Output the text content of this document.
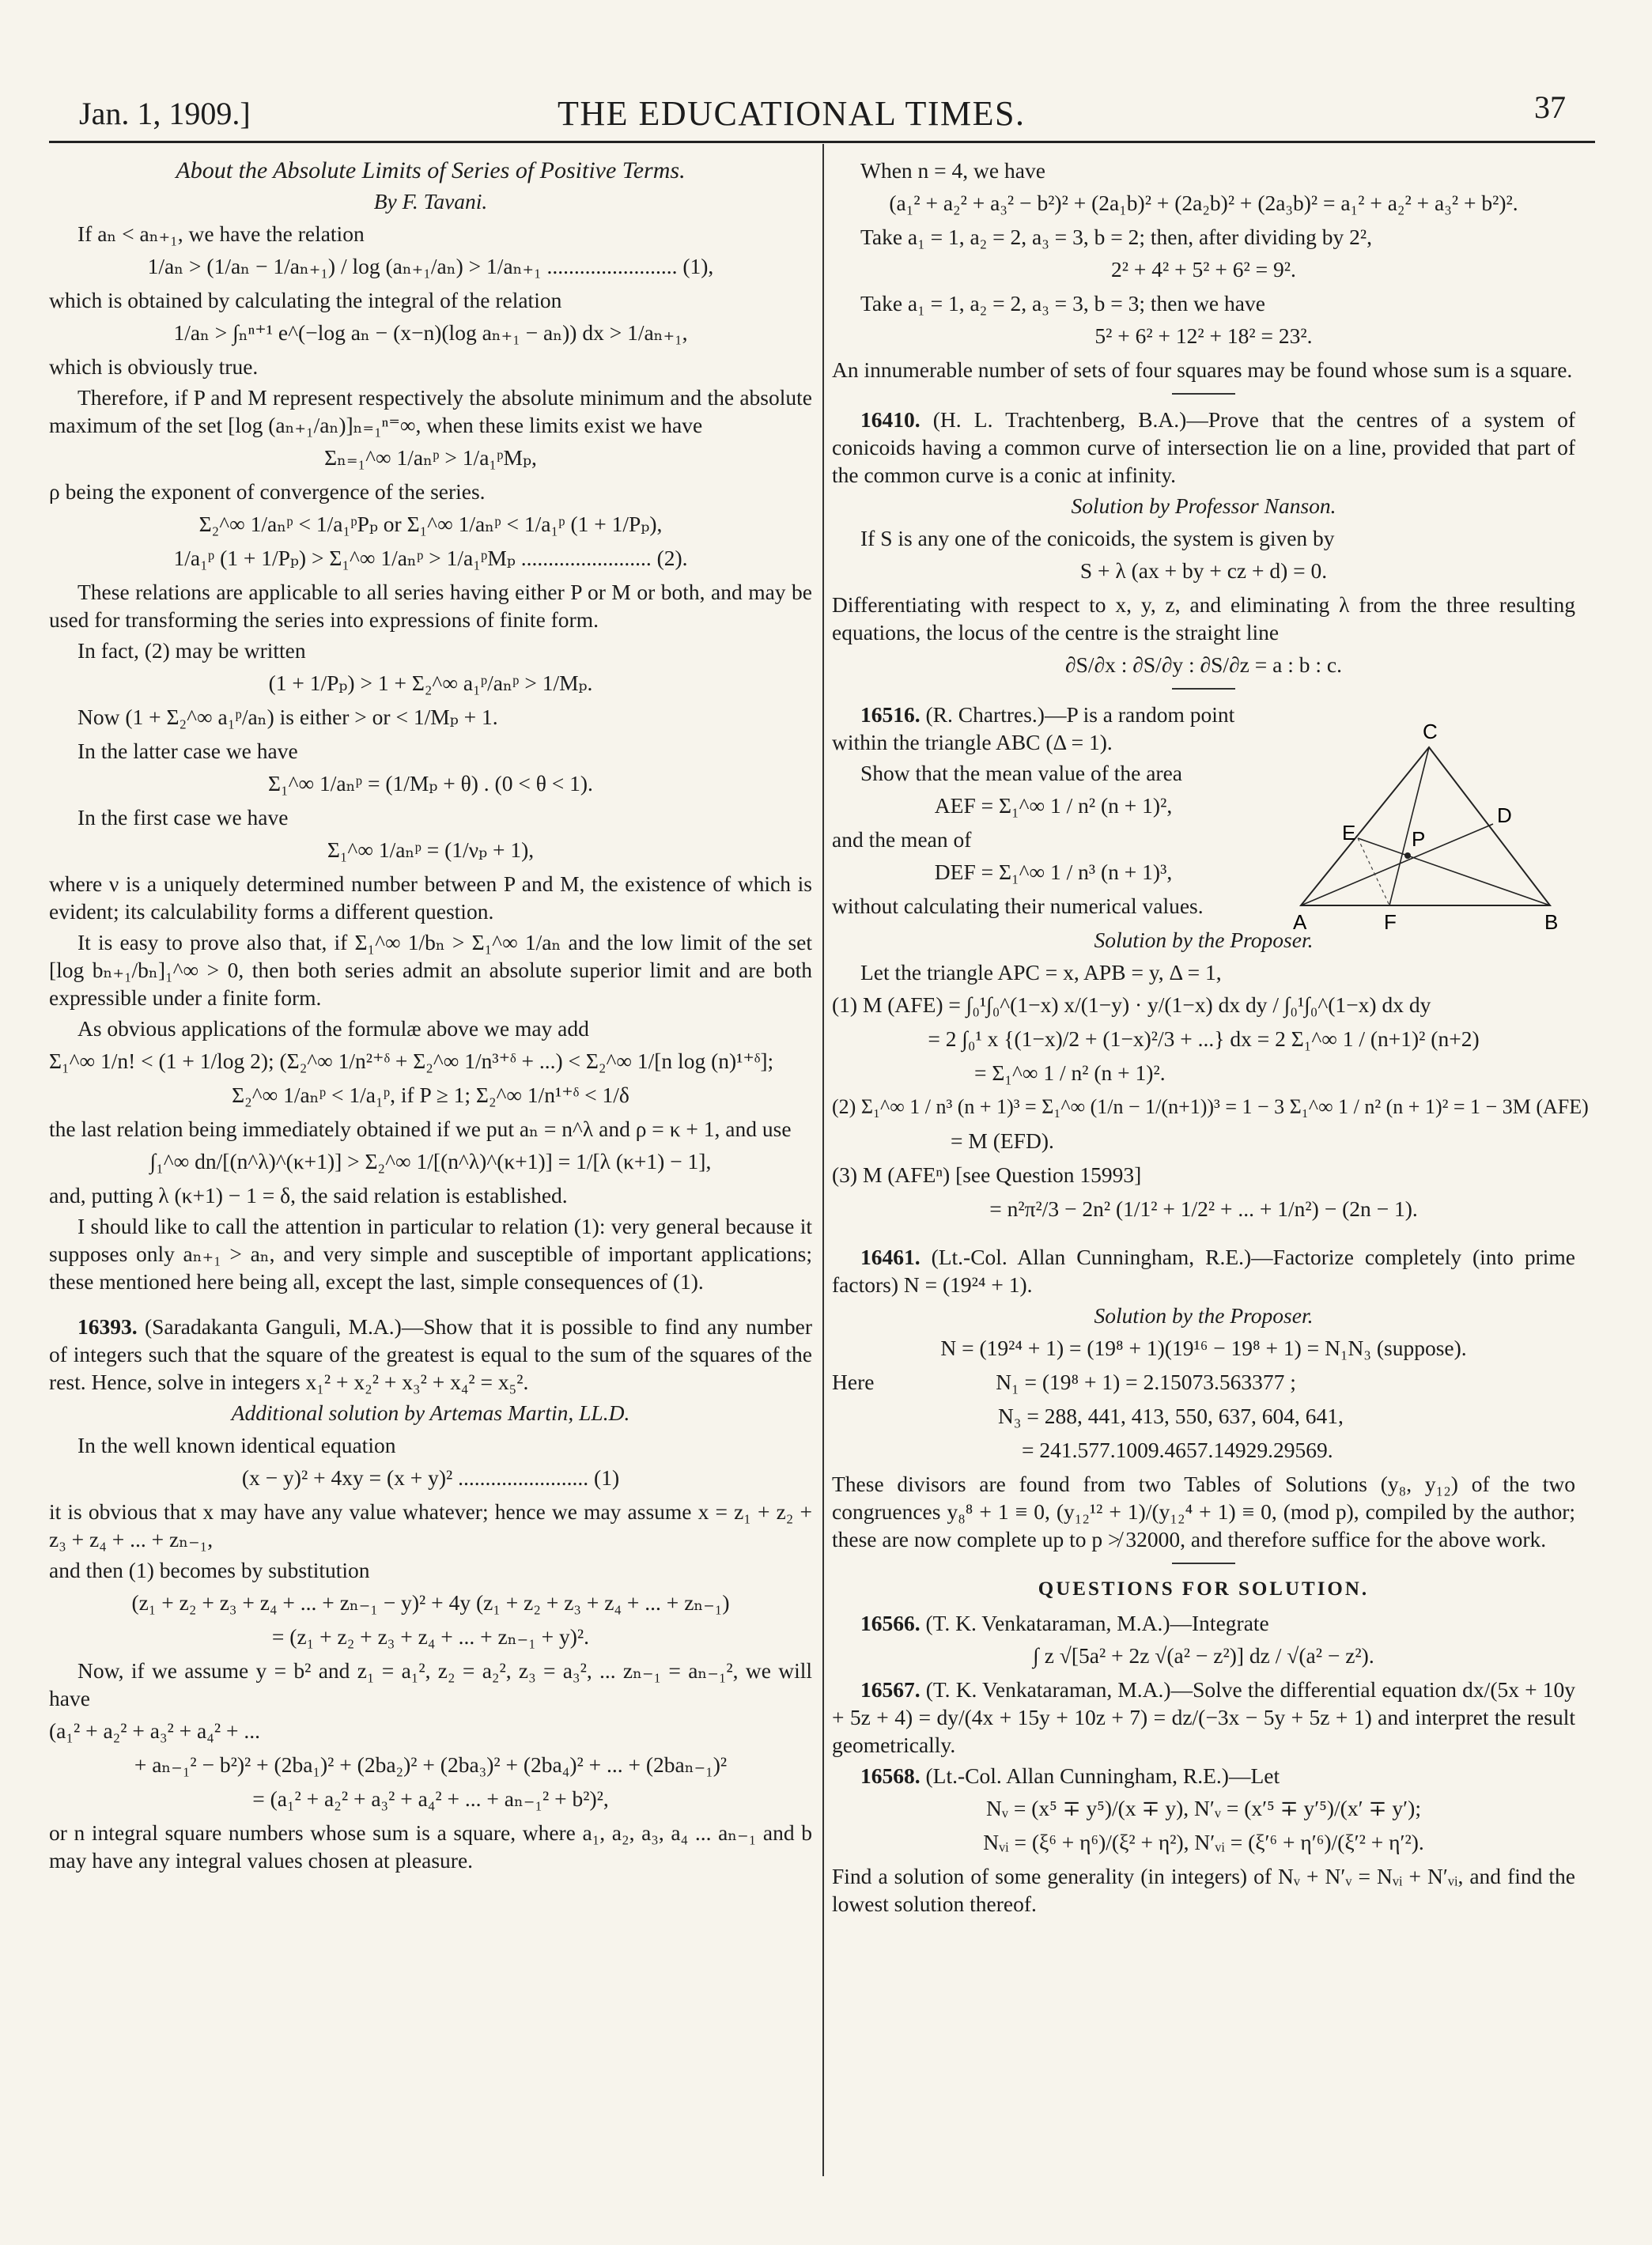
Jan. 1, 1909.]	THE EDUCATIONAL TIMES.	37
About the Absolute Limits of Series of Positive Terms.
By F. Tavani.

If aₙ < aₙ₊₁, we have the relation

1/aₙ > (1/aₙ − 1/aₙ₊₁) / log (aₙ₊₁/aₙ) > 1/aₙ₊₁ ........................ (1),

which is obtained by calculating the integral of the relation

1/aₙ > ∫ₙⁿ⁺¹ e^(−log aₙ − (x−n)(log aₙ₊₁ − aₙ)) dx > 1/aₙ₊₁,

which is obviously true.

Therefore, if P and M represent respectively the absolute minimum and the absolute maximum of the set [log (aₙ₊₁/aₙ)]ₙ₌₁ⁿ⁼∞, when these limits exist we have

Σₙ₌₁^∞ 1/aₙᵖ > 1/a₁ᵖMₚ,

ρ being the exponent of convergence of the series.

Σ₂^∞ 1/aₙᵖ < 1/a₁ᵖPₚ or Σ₁^∞ 1/aₙᵖ < 1/a₁ᵖ (1 + 1/Pₚ),
1/a₁ᵖ (1 + 1/Pₚ) > Σ₁^∞ 1/aₙᵖ > 1/a₁ᵖMₚ ........................ (2).

These relations are applicable to all series having either P or M or both, and may be used for transforming the series into expressions of finite form.

In fact, (2) may be written

(1 + 1/Pₚ) > 1 + Σ₂^∞ a₁ᵖ/aₙᵖ > 1/Mₚ.
Now (1 + Σ₂^∞ a₁ᵖ/aₙ) is either > or < 1/Mₚ + 1.

In the latter case we have

Σ₁^∞ 1/aₙᵖ = (1/Mₚ + θ) . (0 < θ < 1).

In the first case we have

Σ₁^∞ 1/aₙᵖ = (1/νₚ + 1),

where ν is a uniquely determined number between P and M, the existence of which is evident; its calculability forms a different question.

It is easy to prove also that, if Σ₁^∞ 1/bₙ > Σ₁^∞ 1/aₙ and the low limit of the set [log bₙ₊₁/bₙ]₁^∞ > 0, then both series admit an absolute superior limit and are both expressible under a finite form.

As obvious applications of the formulæ above we may add

Σ₁^∞ 1/n! < (1 + 1/log 2); (Σ₂^∞ 1/n²⁺ᵟ + Σ₂^∞ 1/n³⁺ᵟ + ...) < Σ₂^∞ 1/[n log (n)¹⁺ᵟ];
Σ₂^∞ 1/aₙᵖ < 1/a₁ᵖ, if P ≥ 1; Σ₂^∞ 1/n¹⁺ᵟ < 1/δ

the last relation being immediately obtained if we put aₙ = n^λ and ρ = κ + 1, and use

∫₁^∞ dn/[(n^λ)^(κ+1)] > Σ₂^∞ 1/[(n^λ)^(κ+1)] = 1/[λ (κ+1) − 1],

and, putting λ (κ+1) − 1 = δ, the said relation is established.

I should like to call the attention in particular to relation (1): very general because it supposes only aₙ₊₁ > aₙ, and very simple and susceptible of important applications; these mentioned here being all, except the last, simple consequences of (1).

16393. (Saradakanta Ganguli, M.A.)—Show that it is possible to find any number of integers such that the square of the greatest is equal to the sum of the squares of the rest. Hence, solve in integers x₁² + x₂² + x₃² + x₄² = x₅².

Additional solution by Artemas Martin, LL.D.

In the well known identical equation

(x − y)² + 4xy = (x + y)² ........................ (1)

it is obvious that x may have any value whatever; hence we may assume x = z₁ + z₂ + z₃ + z₄ + ... + zₙ₋₁,

and then (1) becomes by substitution

(z₁ + z₂ + z₃ + z₄ + ... + zₙ₋₁ − y)² + 4y (z₁ + z₂ + z₃ + z₄ + ... + zₙ₋₁)
= (z₁ + z₂ + z₃ + z₄ + ... + zₙ₋₁ + y)².

Now, if we assume y = b² and z₁ = a₁², z₂ = a₂², z₃ = a₃², ... zₙ₋₁ = aₙ₋₁², we will have

(a₁² + a₂² + a₃² + a₄² + ...
+ aₙ₋₁² − b²)² + (2ba₁)² + (2ba₂)² + (2ba₃)² + (2ba₄)² + ... + (2baₙ₋₁)²
= (a₁² + a₂² + a₃² + a₄² + ... + aₙ₋₁² + b²)²,

or n integral square numbers whose sum is a square, where a₁, a₂, a₃, a₄ ... aₙ₋₁ and b may have any integral values chosen at pleasure.

When n = 4, we have

(a₁² + a₂² + a₃² − b²)² + (2a₁b)² + (2a₂b)² + (2a₃b)² = a₁² + a₂² + a₃² + b²)².

Take a₁ = 1, a₂ = 2, a₃ = 3, b = 2; then, after dividing by 2²,

2² + 4² + 5² + 6² = 9².

Take a₁ = 1, a₂ = 2, a₃ = 3, b = 3; then we have

5² + 6² + 12² + 18² = 23².

An innumerable number of sets of four squares may be found whose sum is a square.

16410. (H. L. Trachtenberg, B.A.)—Prove that the centres of a system of conicoids having a common curve of intersection lie on a line, provided that part of the common curve is a conic at infinity.

Solution by Professor Nanson.

If S is any one of the conicoids, the system is given by

S + λ (ax + by + cz + d) = 0.

Differentiating with respect to x, y, z, and eliminating λ from the three resulting equations, the locus of the centre is the straight line

∂S/∂x : ∂S/∂y : ∂S/∂z = a : b : c.

16516. (R. Chartres.)—P is a random point within the triangle ABC (Δ = 1).

Show that the mean value of the area

AEF = Σ₁^∞ 1 / n² (n + 1)²,

and the mean of

DEF = Σ₁^∞ 1 / n³ (n + 1)³,

without calculating their numerical values.

Solution by the Proposer.

Let the triangle APC = x, APB = y, Δ = 1,

(1) M (AFE) = ∫₀¹∫₀^(1−x) x/(1−y) · y/(1−x) dx dy / ∫₀¹∫₀^(1−x) dx dy
= 2 ∫₀¹ x {(1−x)/2 + (1−x)²/3 + ...} dx = 2 Σ₁^∞ 1 / (n+1)² (n+2)
= Σ₁^∞ 1 / n² (n + 1)².
(2) Σ₁^∞ 1 / n³ (n + 1)³ = Σ₁^∞ (1/n − 1/(n+1))³ = 1 − 3 Σ₁^∞ 1 / n² (n + 1)² = 1 − 3M (AFE)
= M (EFD).
(3) M (AFEⁿ) [see Question 15993]
= n²π²/3 − 2n² (1/1² + 1/2² + ... + 1/n²) − (2n − 1).

16461. (Lt.-Col. Allan Cunningham, R.E.)—Factorize completely (into prime factors) N = (19²⁴ + 1).

Solution by the Proposer.
N = (19²⁴ + 1) = (19⁸ + 1)(19¹⁶ − 19⁸ + 1) = N₁N₃ (suppose).
Here	N₁ = (19⁸ + 1) = 2.15073.563377 ;
N₃ = 288, 441, 413, 550, 637, 604, 641,
= 241.577.1009.4657.14929.29569.

These divisors are found from two Tables of Solutions (y₈, y₁₂) of the two congruences y₈⁸ + 1 ≡ 0, (y₁₂¹² + 1)/(y₁₂⁴ + 1) ≡ 0, (mod p), compiled by the author; these are now complete up to p ≯ 32000, and therefore suffice for the above work.

QUESTIONS FOR SOLUTION.

16566. (T. K. Venkataraman, M.A.)—Integrate

∫ z √[5a² + 2z √(a² − z²)] dz / √(a² − z²).

16567. (T. K. Venkataraman, M.A.)—Solve the differential equation dx/(5x + 10y + 5z + 4) = dy/(4x + 15y + 10z + 7) = dz/(−3x − 5y + 5z + 1) and interpret the result geometrically.

16568. (Lt.-Col. Allan Cunningham, R.E.)—Let

Nᵥ = (x⁵ ∓ y⁵)/(x ∓ y), N′ᵥ = (x′⁵ ∓ y′⁵)/(x′ ∓ y′);
Nᵥᵢ = (ξ⁶ + η⁶)/(ξ² + η²), N′ᵥᵢ = (ξ′⁶ + η′⁶)/(ξ′² + η′²).

Find a solution of some generality (in integers) of Nᵥ + N′ᵥ = Nᵥᵢ + N′ᵥᵢ, and find the lowest solution thereof.

A	B
C
D
E
F
P
